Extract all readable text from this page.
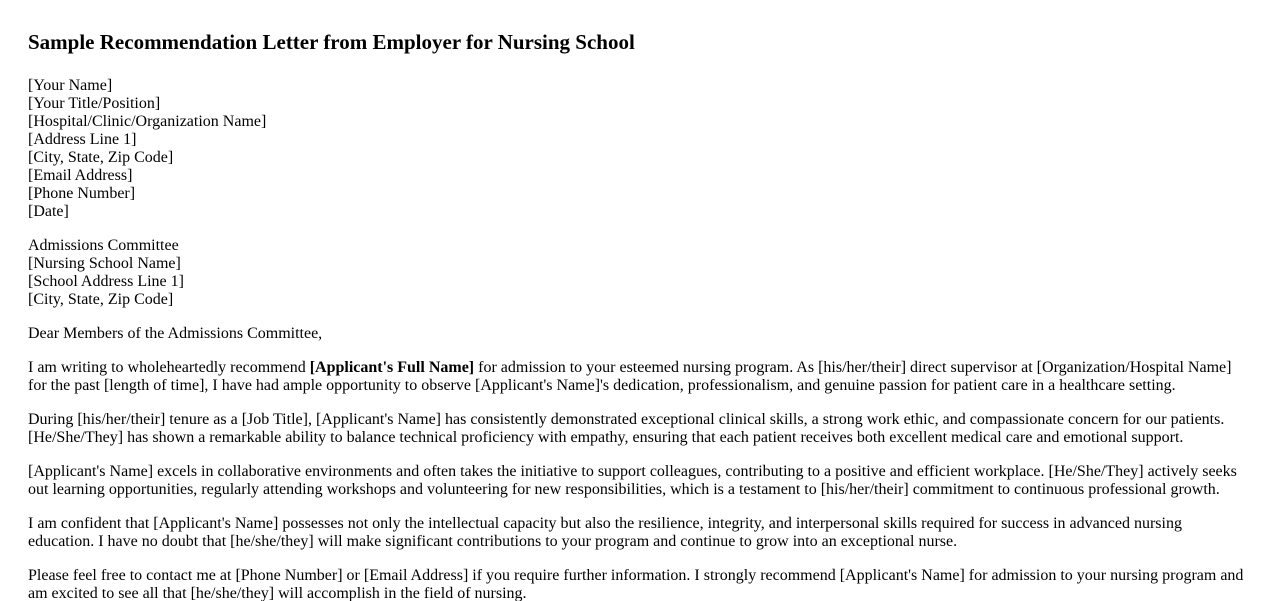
Sample Recommendation Letter from Employer for Nursing School
[Your Name]
[Your Title/Position]
[Hospital/Clinic/Organization Name]
[Address Line 1]
[City, State, Zip Code]
[Email Address]
[Phone Number]
[Date]
Admissions Committee
[Nursing School Name]
[School Address Line 1]
[City, State, Zip Code]

Dear Members of the Admissions Committee,

I am writing to wholeheartedly recommend [Applicant's Full Name] for admission to your esteemed nursing program. As [his/her/their] direct supervisor at [Organization/Hospital Name] for the past [length of time], I have had ample opportunity to observe [Applicant's Name]'s dedication, professionalism, and genuine passion for patient care in a healthcare setting.

During [his/her/their] tenure as a [Job Title], [Applicant's Name] has consistently demonstrated exceptional clinical skills, a strong work ethic, and compassionate concern for our patients. [He/She/They] has shown a remarkable ability to balance technical proficiency with empathy, ensuring that each patient receives both excellent medical care and emotional support.

[Applicant's Name] excels in collaborative environments and often takes the initiative to support colleagues, contributing to a positive and efficient workplace. [He/She/They] actively seeks out learning opportunities, regularly attending workshops and volunteering for new responsibilities, which is a testament to [his/her/their] commitment to continuous professional growth.

I am confident that [Applicant's Name] possesses not only the intellectual capacity but also the resilience, integrity, and interpersonal skills required for success in advanced nursing education. I have no doubt that [he/she/they] will make significant contributions to your program and continue to grow into an exceptional nurse.

Please feel free to contact me at [Phone Number] or [Email Address] if you require further information. I strongly recommend [Applicant's Name] for admission to your nursing program and am excited to see all that [he/she/they] will accomplish in the field of nursing.
